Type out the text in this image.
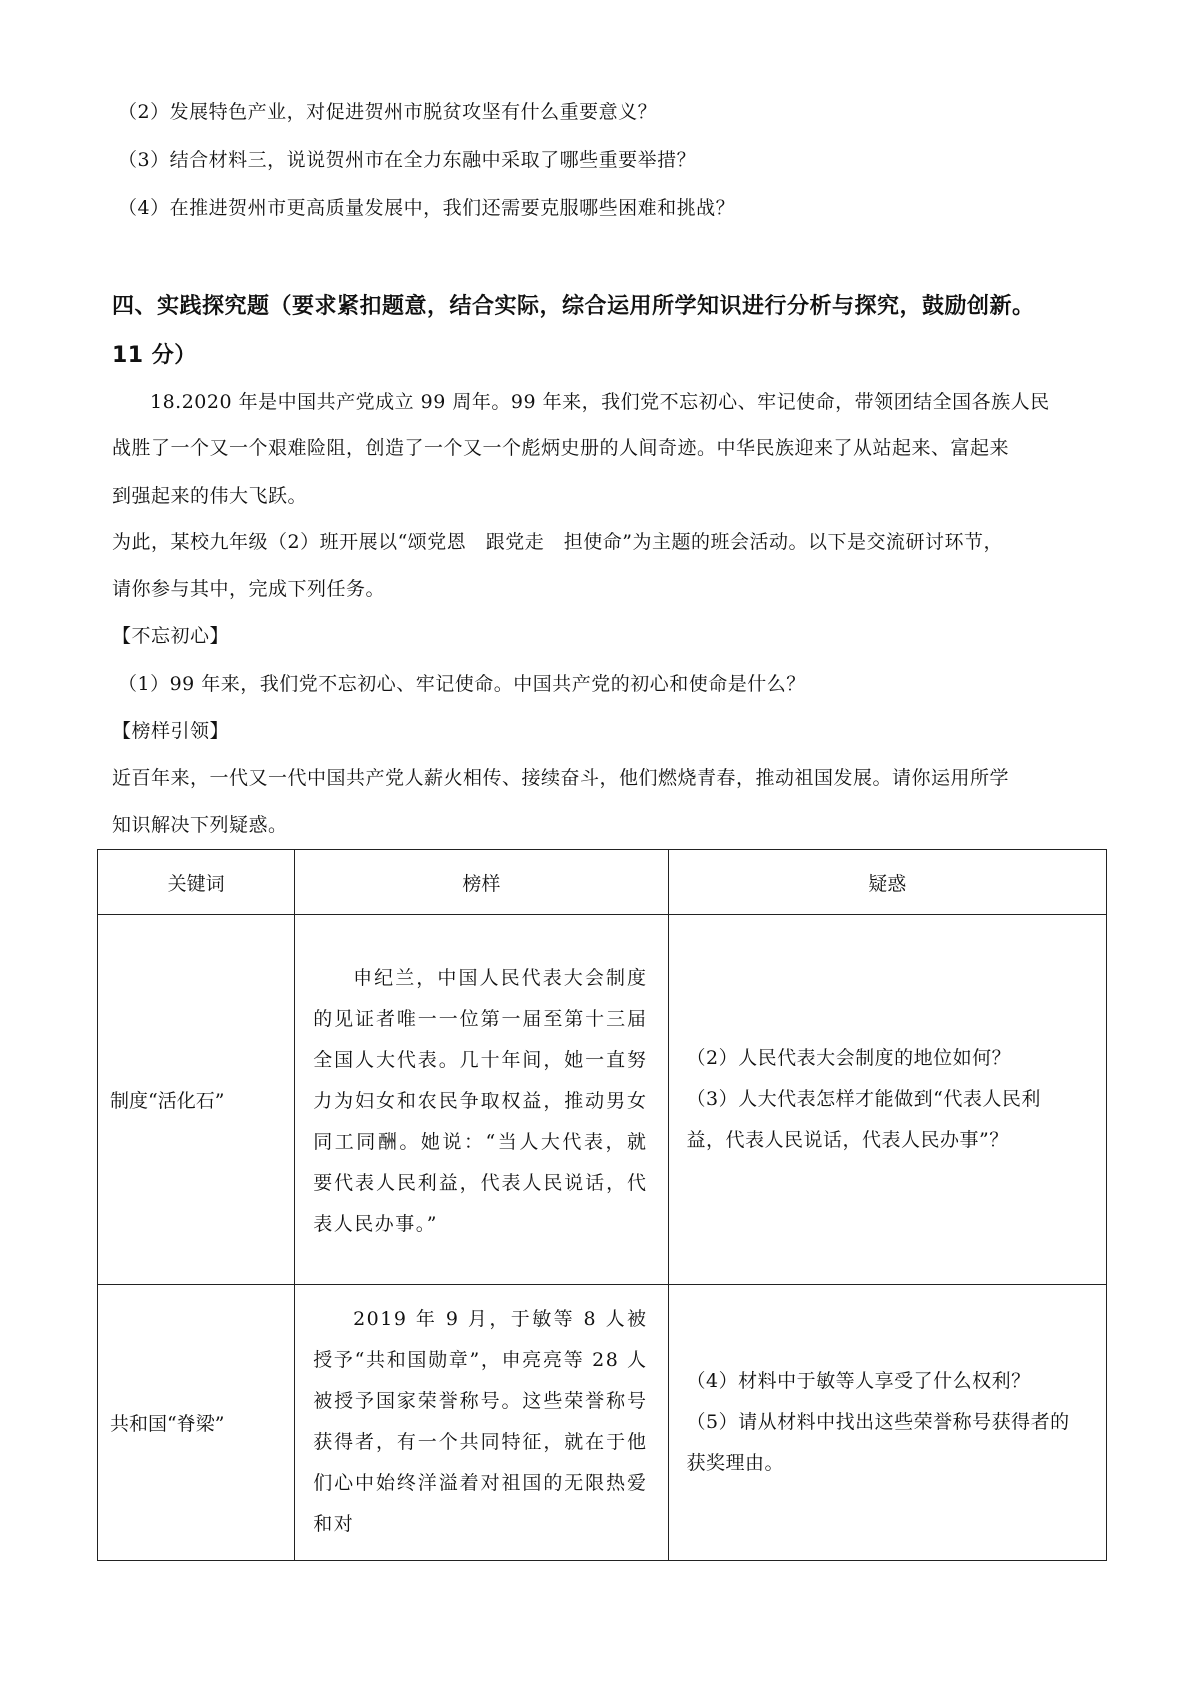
（2）发展特色产业，对促进贺州市脱贫攻坚有什么重要意义？
（3）结合材料三，说说贺州市在全力东融中采取了哪些重要举措？
（4）在推进贺州市更高质量发展中，我们还需要克服哪些困难和挑战？
四、实践探究题（要求紧扣题意，结合实际，综合运用所学知识进行分析与探究，鼓励创新。
11 分）
18.2020 年是中国共产党成立 99 周年。99 年来，我们党不忘初心、牢记使命，带领团结全国各族人民
战胜了一个又一个艰难险阻，创造了一个又一个彪炳史册的人间奇迹。中华民族迎来了从站起来、富起来
到强起来的伟大飞跃。
为此，某校九年级（2）班开展以“颂党恩　跟党走　担使命”为主题的班会活动。以下是交流研讨环节，
请你参与其中，完成下列任务。
【不忘初心】
（1）99 年来，我们党不忘初心、牢记使命。中国共产党的初心和使命是什么？
【榜样引领】
近百年来，一代又一代中国共产党人薪火相传、接续奋斗，他们燃烧青春，推动祖国发展。请你运用所学
知识解决下列疑惑。
关键词	榜样	疑惑
制度“活化石”	申纪兰，中国人民代表大会制度的见证者唯一一位第一届至第十三届全国人大代表。几十年间，她一直努力为妇女和农民争取权益，推动男女同工同酬。她说：“当人大代表，就要代表人民利益，代表人民说话，代表人民办事。”	（2）人民代表大会制度的地位如何？
（3）人大代表怎样才能做到“代表人民利
益，代表人民说话，代表人民办事”？

共和国“脊梁”	2019 年 9 月，于敏等 8 人被授予“共和国勋章”，申亮亮等 28 人被授予国家荣誉称号。这些荣誉称号获得者，有一个共同特征，就在于他们心中始终洋溢着对祖国的无限热爱和对	（4）材料中于敏等人享受了什么权利？
（5）请从材料中找出这些荣誉称号获得者的
获奖理由。
